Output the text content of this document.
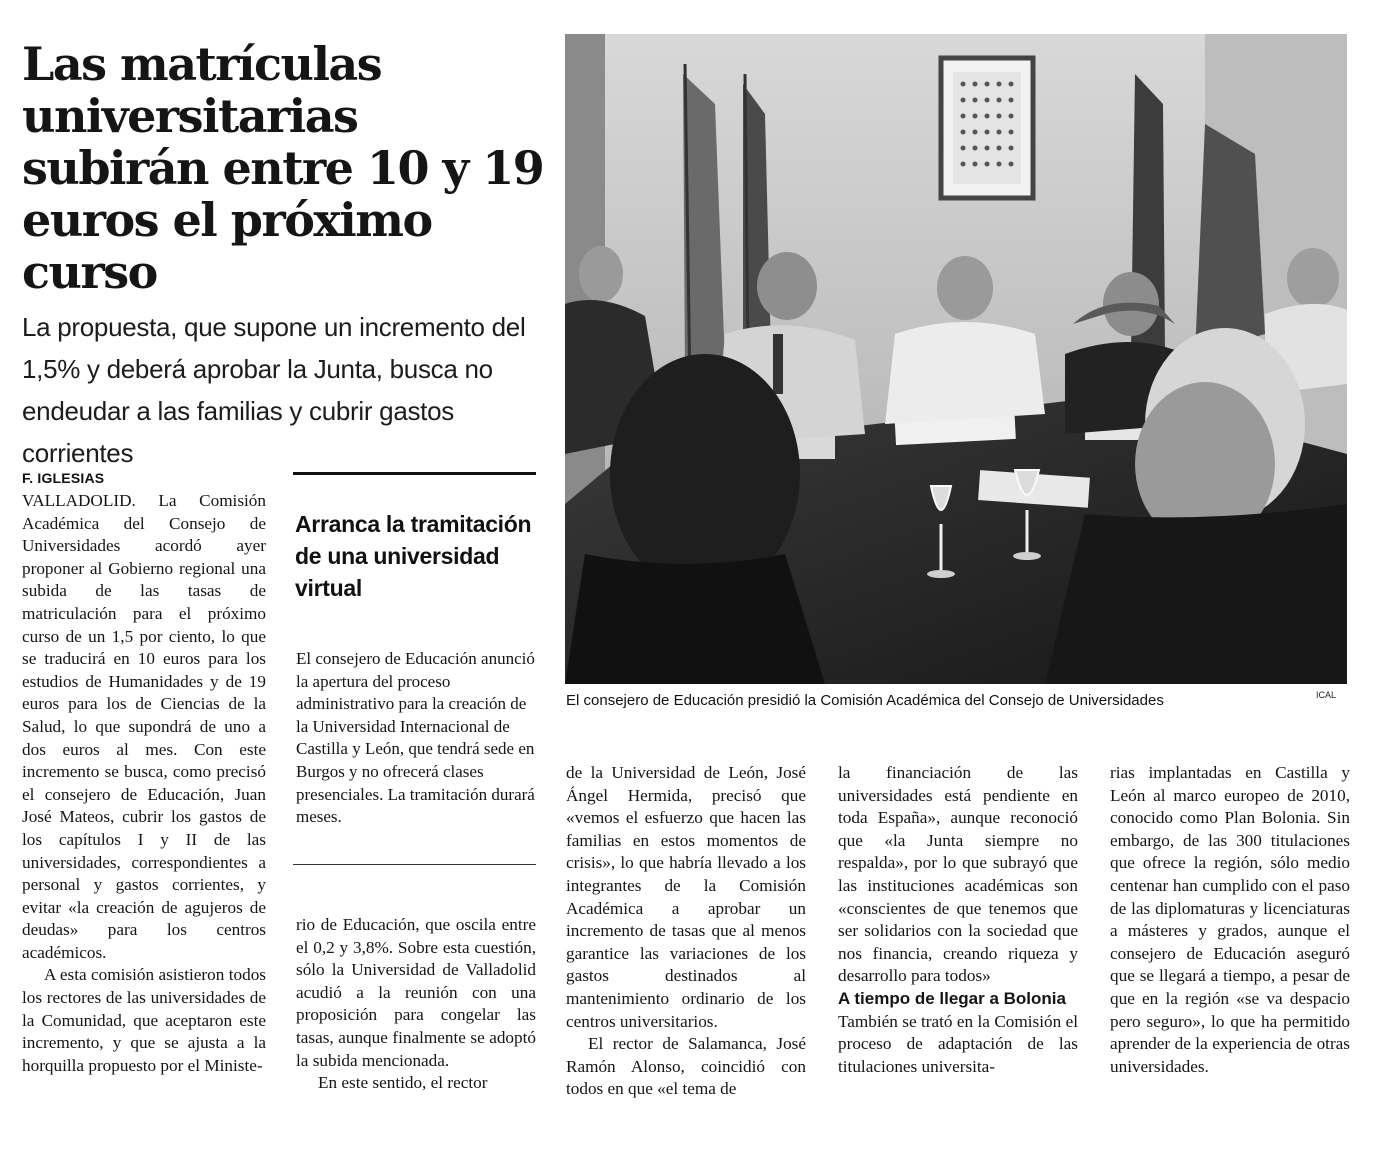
Las matrículas universitarias subirán entre 10 y 19 euros el próximo curso

La propuesta, que supone un incremento del 1,5% y deberá aprobar la Junta, busca no endeudar a las familias y cubrir gastos corrientes

El consejero de Educación presidió la Comisión Académica del Consejo de Universidades	ICAL
F. IGLESIAS

VALLADOLID. La Comisión Académica del Consejo de Universidades acordó ayer proponer al Gobierno regional una subida de las tasas de matriculación para el próximo curso de un 1,5 por ciento, lo que se traducirá en 10 euros para los estudios de Humanidades y de 19 euros para los de Ciencias de la Salud, lo que supondrá de uno a dos euros al mes. Con este incremento se busca, como precisó el consejero de Educación, Juan José Mateos, cubrir los gastos de los capítulos I y II de las universidades, correspondientes a personal y gastos corrientes, y evitar «la creación de agujeros de deudas» para los centros académicos.

A esta comisión asistieron todos los rectores de las universidades de la Comunidad, que aceptaron este incremento, y que se ajusta a la horquilla propuesto por el Ministe-

Arranca la tramitación de una universidad virtual

El consejero de Educación anunció la apertura del proceso administrativo para la creación de la Universidad Internacional de Castilla y León, que tendrá sede en Burgos y no ofrecerá clases presenciales. La tramitación durará meses.

rio de Educación, que oscila entre el 0,2 y 3,8%. Sobre esta cuestión, sólo la Universidad de Valladolid acudió a la reunión con una proposición para congelar las tasas, aunque finalmente se adoptó la subida mencionada.

En este sentido, el rector

de la Universidad de León, José Ángel Hermida, precisó que «vemos el esfuerzo que hacen las familias en estos momentos de crisis», lo que habría llevado a los integrantes de la Comisión Académica a aprobar un incremento de tasas que al menos garantice las variaciones de los gastos destinados al mantenimiento ordinario de los centros universitarios.

El rector de Salamanca, José Ramón Alonso, coincidió con todos en que «el tema de

la financiación de las universidades está pendiente en toda España», aunque reconoció que «la Junta siempre no respalda», por lo que subrayó que las instituciones académicas son «conscientes de que tenemos que ser solidarios con la sociedad que nos financia, creando riqueza y desarrollo para todos»

A tiempo de llegar a Bolonia

También se trató en la Comisión el proceso de adaptación de las titulaciones universita-

rias implantadas en Castilla y León al marco europeo de 2010, conocido como Plan Bolonia. Sin embargo, de las 300 titulaciones que ofrece la región, sólo medio centenar han cumplido con el paso de las diplomaturas y licenciaturas a másteres y grados, aunque el consejero de Educación aseguró que se llegará a tiempo, a pesar de que en la región «se va despacio pero seguro», lo que ha permitido aprender de la experiencia de otras universidades.
